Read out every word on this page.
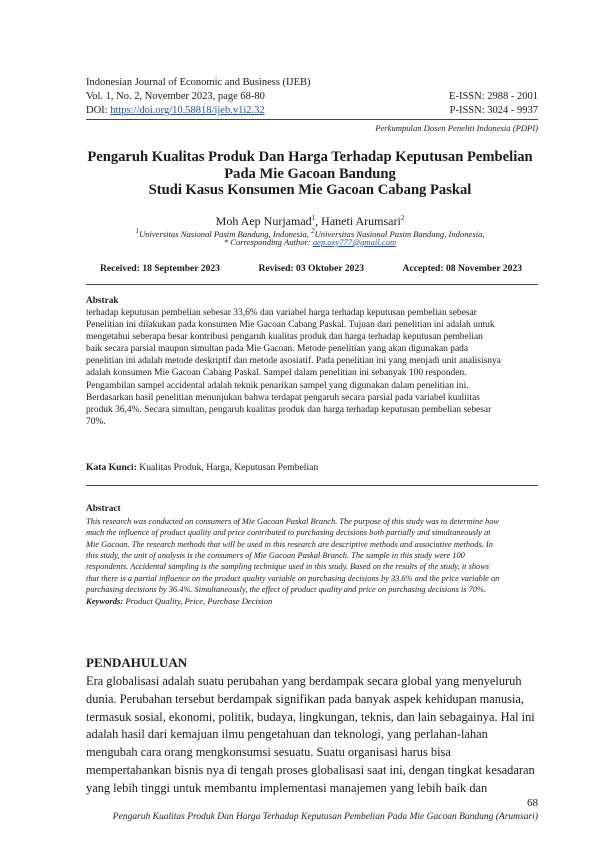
Indonesian Journal of Economic and Business (IJEB)
Vol. 1, No. 2, November 2023, page 68-80
DOI: https://doi.org/10.58818/ijeb.v1i2.32
E-ISSN: 2988 - 2001
P-ISSN: 3024 - 9937
Perkumpulan Dosen Peneliti Indonesia (PDPI)
Pengaruh Kualitas Produk Dan Harga Terhadap Keputusan Pembelian
Pada Mie Gacoan Bandung
Studi Kasus Konsumen Mie Gacoan Cabang Paskal
Moh Aep Nurjamad$^1$, Haneti Arumsari$^2$
$^1$Universitas Nasional Pasim Bandung, Indonesia, $^2$Universitas Nasional Pasim Bandung, Indonesia,
* Corresponding Author: aep.oxy777@gmail.com
Received: 18 September 2023	Revised: 03 Oktober 2023	Accepted: 08 November 2023
Abstrak
terhadap keputusan pembelian sebesar 33,6% dan variabel harga terhadap keputusan pembelian sebesar
Penelitian ini dilakukan pada konsumen Mie Gacoan Cabang Paskal. Tujuan dari penelitian ini adalah untuk
mengetahui seberapa besar kontribusi pengaruh kualitas produk dan harga terhadap keputusan pembelian
baik secara parsial maupun simultan pada Mie Gacoan. Metode penelitian yang akan digunakan pada
penelitian ini adalah metode deskriptif dan metode asosiatif. Pada penelitian ini yang menjadi unit analisisnya
adalah konsumen Mie Gacoan Cabang Paskal. Sampel dalam penelitian ini sebanyak 100 responden.
Pengambilan sampel accidental adalah teknik penarikan sampel yang digunakan dalam penelitian ini.
Berdasarkan hasil penelitian menunjukan bahwa terdapat pengaruh secara parsial pada variabel kualiitas
produk 36,4%. Secara simultan, pengaruh kualitas produk dan harga terhadap keputusan pembelian sebesar
70%.
Kata Kunci: Kualitas Produk, Harga, Keputusan Pembelian
Abstract
This research was conducted on consumers of Mie Gacoan Paskal Branch. The purpose of this study was to determine how
much the influence of product quality and price contributed to purchasing decisions both partially and simultaneously at
Mie Gacoan. The research methods that will be used in this research are descriptive methods and associative methods. In
this study, the unit of analysis is the consumers of Mie Gacoan Paskal Branch. The sample in this study were 100
respondents. Accidental sampling is the sampling technique used in this study. Based on the results of the study, it shows
that there is a partial influence on the product quality variable on purchasing decisions by 33.6% and the price variable on
purchasing decisions by 36.4%. Simultaneously, the effect of product quality and price on purchasing decisions is 70%.
Keywords: Product Quality, Price, Purchase Decision
PENDAHULUAN
Era globalisasi adalah suatu perubahan yang berdampak secara global yang menyeluruh
dunia. Perubahan tersebut berdampak signifikan pada banyak aspek kehidupan manusia,
termasuk sosial, ekonomi, politik, budaya, lingkungan, teknis, dan lain sebagainya. Hal ini
adalah hasil dari kemajuan ilmu pengetahuan dan teknologi, yang perlahan-lahan
mengubah cara orang mengkonsumsi sesuatu. Suatu organisasi harus bisa
mempertahankan bisnis nya di tengah proses globalisasi saat ini, dengan tingkat kesadaran
yang lebih tinggi untuk membantu implementasi manajemen yang lebih baik dan
68
Pengaruh Kualitas Produk Dan Harga Terhadap Keputusan Pembelian Pada Mie Gacoan Bandung (Arumsari)
